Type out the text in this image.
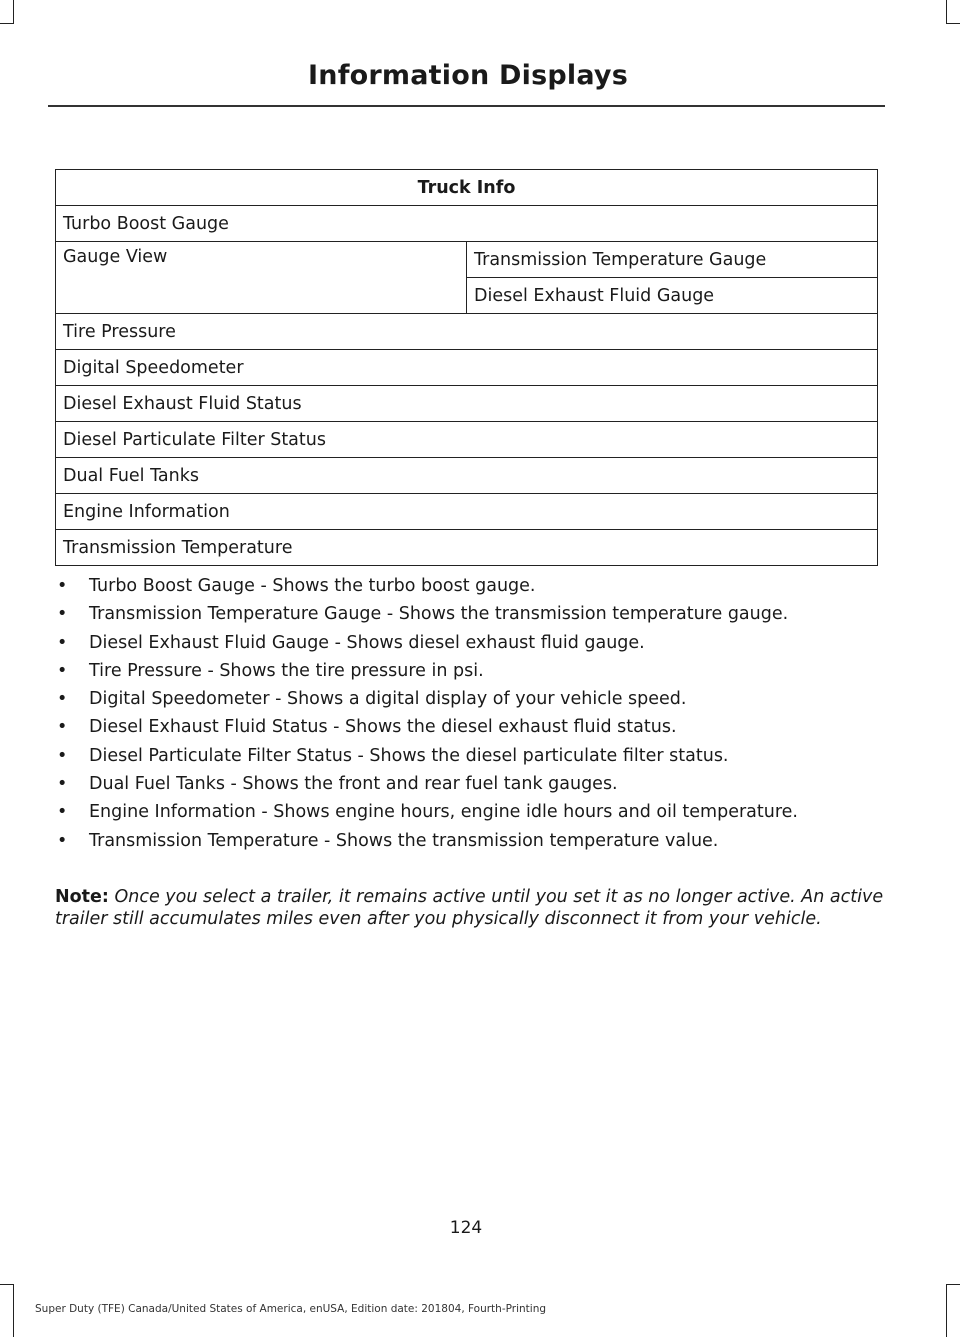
Information Displays
Truck Info
Turbo Boost Gauge
Gauge View	Transmission Temperature Gauge
Diesel Exhaust Fluid Gauge
Tire Pressure
Digital Speedometer
Diesel Exhaust Fluid Status
Diesel Particulate Filter Status
Dual Fuel Tanks
Engine Information
Transmission Temperature
• Turbo Boost Gauge - Shows the turbo boost gauge.
• Transmission Temperature Gauge - Shows the transmission temperature gauge.
• Diesel Exhaust Fluid Gauge - Shows diesel exhaust fluid gauge.
• Tire Pressure - Shows the tire pressure in psi.
• Digital Speedometer - Shows a digital display of your vehicle speed.
• Diesel Exhaust Fluid Status - Shows the diesel exhaust fluid status.
• Diesel Particulate Filter Status - Shows the diesel particulate filter status.
• Dual Fuel Tanks - Shows the front and rear fuel tank gauges.
• Engine Information - Shows engine hours, engine idle hours and oil temperature.
• Transmission Temperature - Shows the transmission temperature value.
Note: Once you select a trailer, it remains active until you set it as no longer active. An active trailer still accumulates miles even after you physically disconnect it from your vehicle.
124
Super Duty (TFE) Canada/United States of America, enUSA, Edition date: 201804, Fourth-Printing
